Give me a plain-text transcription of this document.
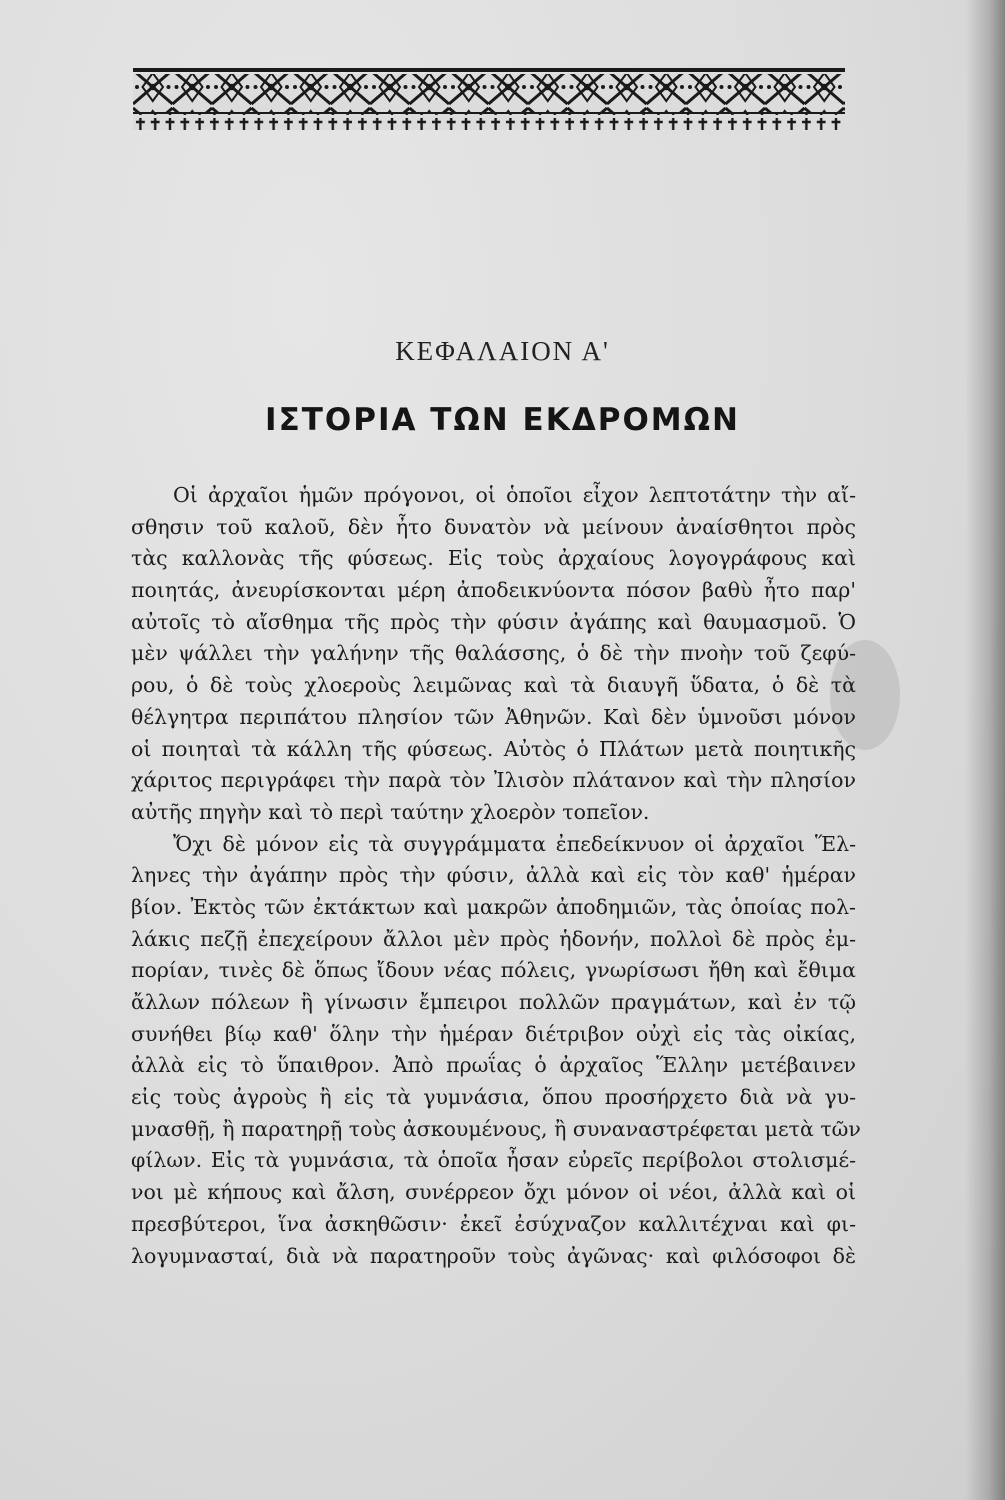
ΚΕΦΑΛΑΙΟΝ Α'
ΙΣΤΟΡΙΑ ΤΩΝ ΕΚΔΡΟΜΩΝ
Οἱ ἀρχαῖοι ἡμῶν πρόγονοι, οἱ ὁποῖοι εἶχον λεπτοτάτην τὴν αἴ-
σθησιν τοῦ καλοῦ, δὲν ἦτο δυνατὸν νὰ μείνουν ἀναίσθητοι πρὸς
τὰς καλλονὰς τῆς φύσεως. Εἰς τοὺς ἀρχαίους λογογράφους καὶ
ποιητάς, ἀνευρίσκονται μέρη ἀποδεικνύοντα πόσον βαθὺ ἦτο παρ'
αὐτοῖς τὸ αἴσθημα τῆς πρὸς τὴν φύσιν ἀγάπης καὶ θαυμασμοῦ. Ὁ
μὲν ψάλλει τὴν γαλήνην τῆς θαλάσσης, ὁ δὲ τὴν πνοὴν τοῦ ζεφύ-
ρου, ὁ δὲ τοὺς χλοεροὺς λειμῶνας καὶ τὰ διαυγῆ ὕδατα, ὁ δὲ τὰ
θέλγητρα περιπάτου πλησίον τῶν Ἀθηνῶν. Καὶ δὲν ὑμνοῦσι μόνον
οἱ ποιηταὶ τὰ κάλλη τῆς φύσεως. Αὐτὸς ὁ Πλάτων μετὰ ποιητικῆς
χάριτος περιγράφει τὴν παρὰ τὸν Ἰλισὸν πλάτανον καὶ τὴν πλησίον
αὐτῆς πηγὴν καὶ τὸ περὶ ταύτην χλοερὸν τοπεῖον.
Ὄχι δὲ μόνον εἰς τὰ συγγράμματα ἐπεδείκνυον οἱ ἀρχαῖοι Ἕλ-
ληνες τὴν ἀγάπην πρὸς τὴν φύσιν, ἀλλὰ καὶ εἰς τὸν καθ' ἡμέραν
βίον. Ἐκτὸς τῶν ἐκτάκτων καὶ μακρῶν ἀποδημιῶν, τὰς ὁποίας πολ-
λάκις πεζῇ ἐπεχείρουν ἄλλοι μὲν πρὸς ἡδονήν, πολλοὶ δὲ πρὸς ἐμ-
πορίαν, τινὲς δὲ ὅπως ἴδουν νέας πόλεις, γνωρίσωσι ἤθη καὶ ἔθιμα
ἄλλων πόλεων ἢ γίνωσιν ἔμπειροι πολλῶν πραγμάτων, καὶ ἐν τῷ
συνήθει βίῳ καθ' ὅλην τὴν ἡμέραν διέτριβον οὐχὶ εἰς τὰς οἰκίας,
ἀλλὰ εἰς τὸ ὕπαιθρον. Ἀπὸ πρωΐας ὁ ἀρχαῖος Ἕλλην μετέβαινεν
εἰς τοὺς ἀγροὺς ἢ εἰς τὰ γυμνάσια, ὅπου προσήρχετο διὰ νὰ γυ-
μνασθῇ, ἢ παρατηρῇ τοὺς ἀσκουμένους, ἢ συναναστρέφεται μετὰ τῶν
φίλων. Εἰς τὰ γυμνάσια, τὰ ὁποῖα ἦσαν εὐρεῖς περίβολοι στολισμέ-
νοι μὲ κήπους καὶ ἄλση, συνέρρεον ὄχι μόνον οἱ νέοι, ἀλλὰ καὶ οἱ
πρεσβύτεροι, ἵνα ἀσκηθῶσιν· ἐκεῖ ἐσύχναζον καλλιτέχναι καὶ φι-
λογυμνασταί, διὰ νὰ παρατηροῦν τοὺς ἀγῶνας· καὶ φιλόσοφοι δὲ
